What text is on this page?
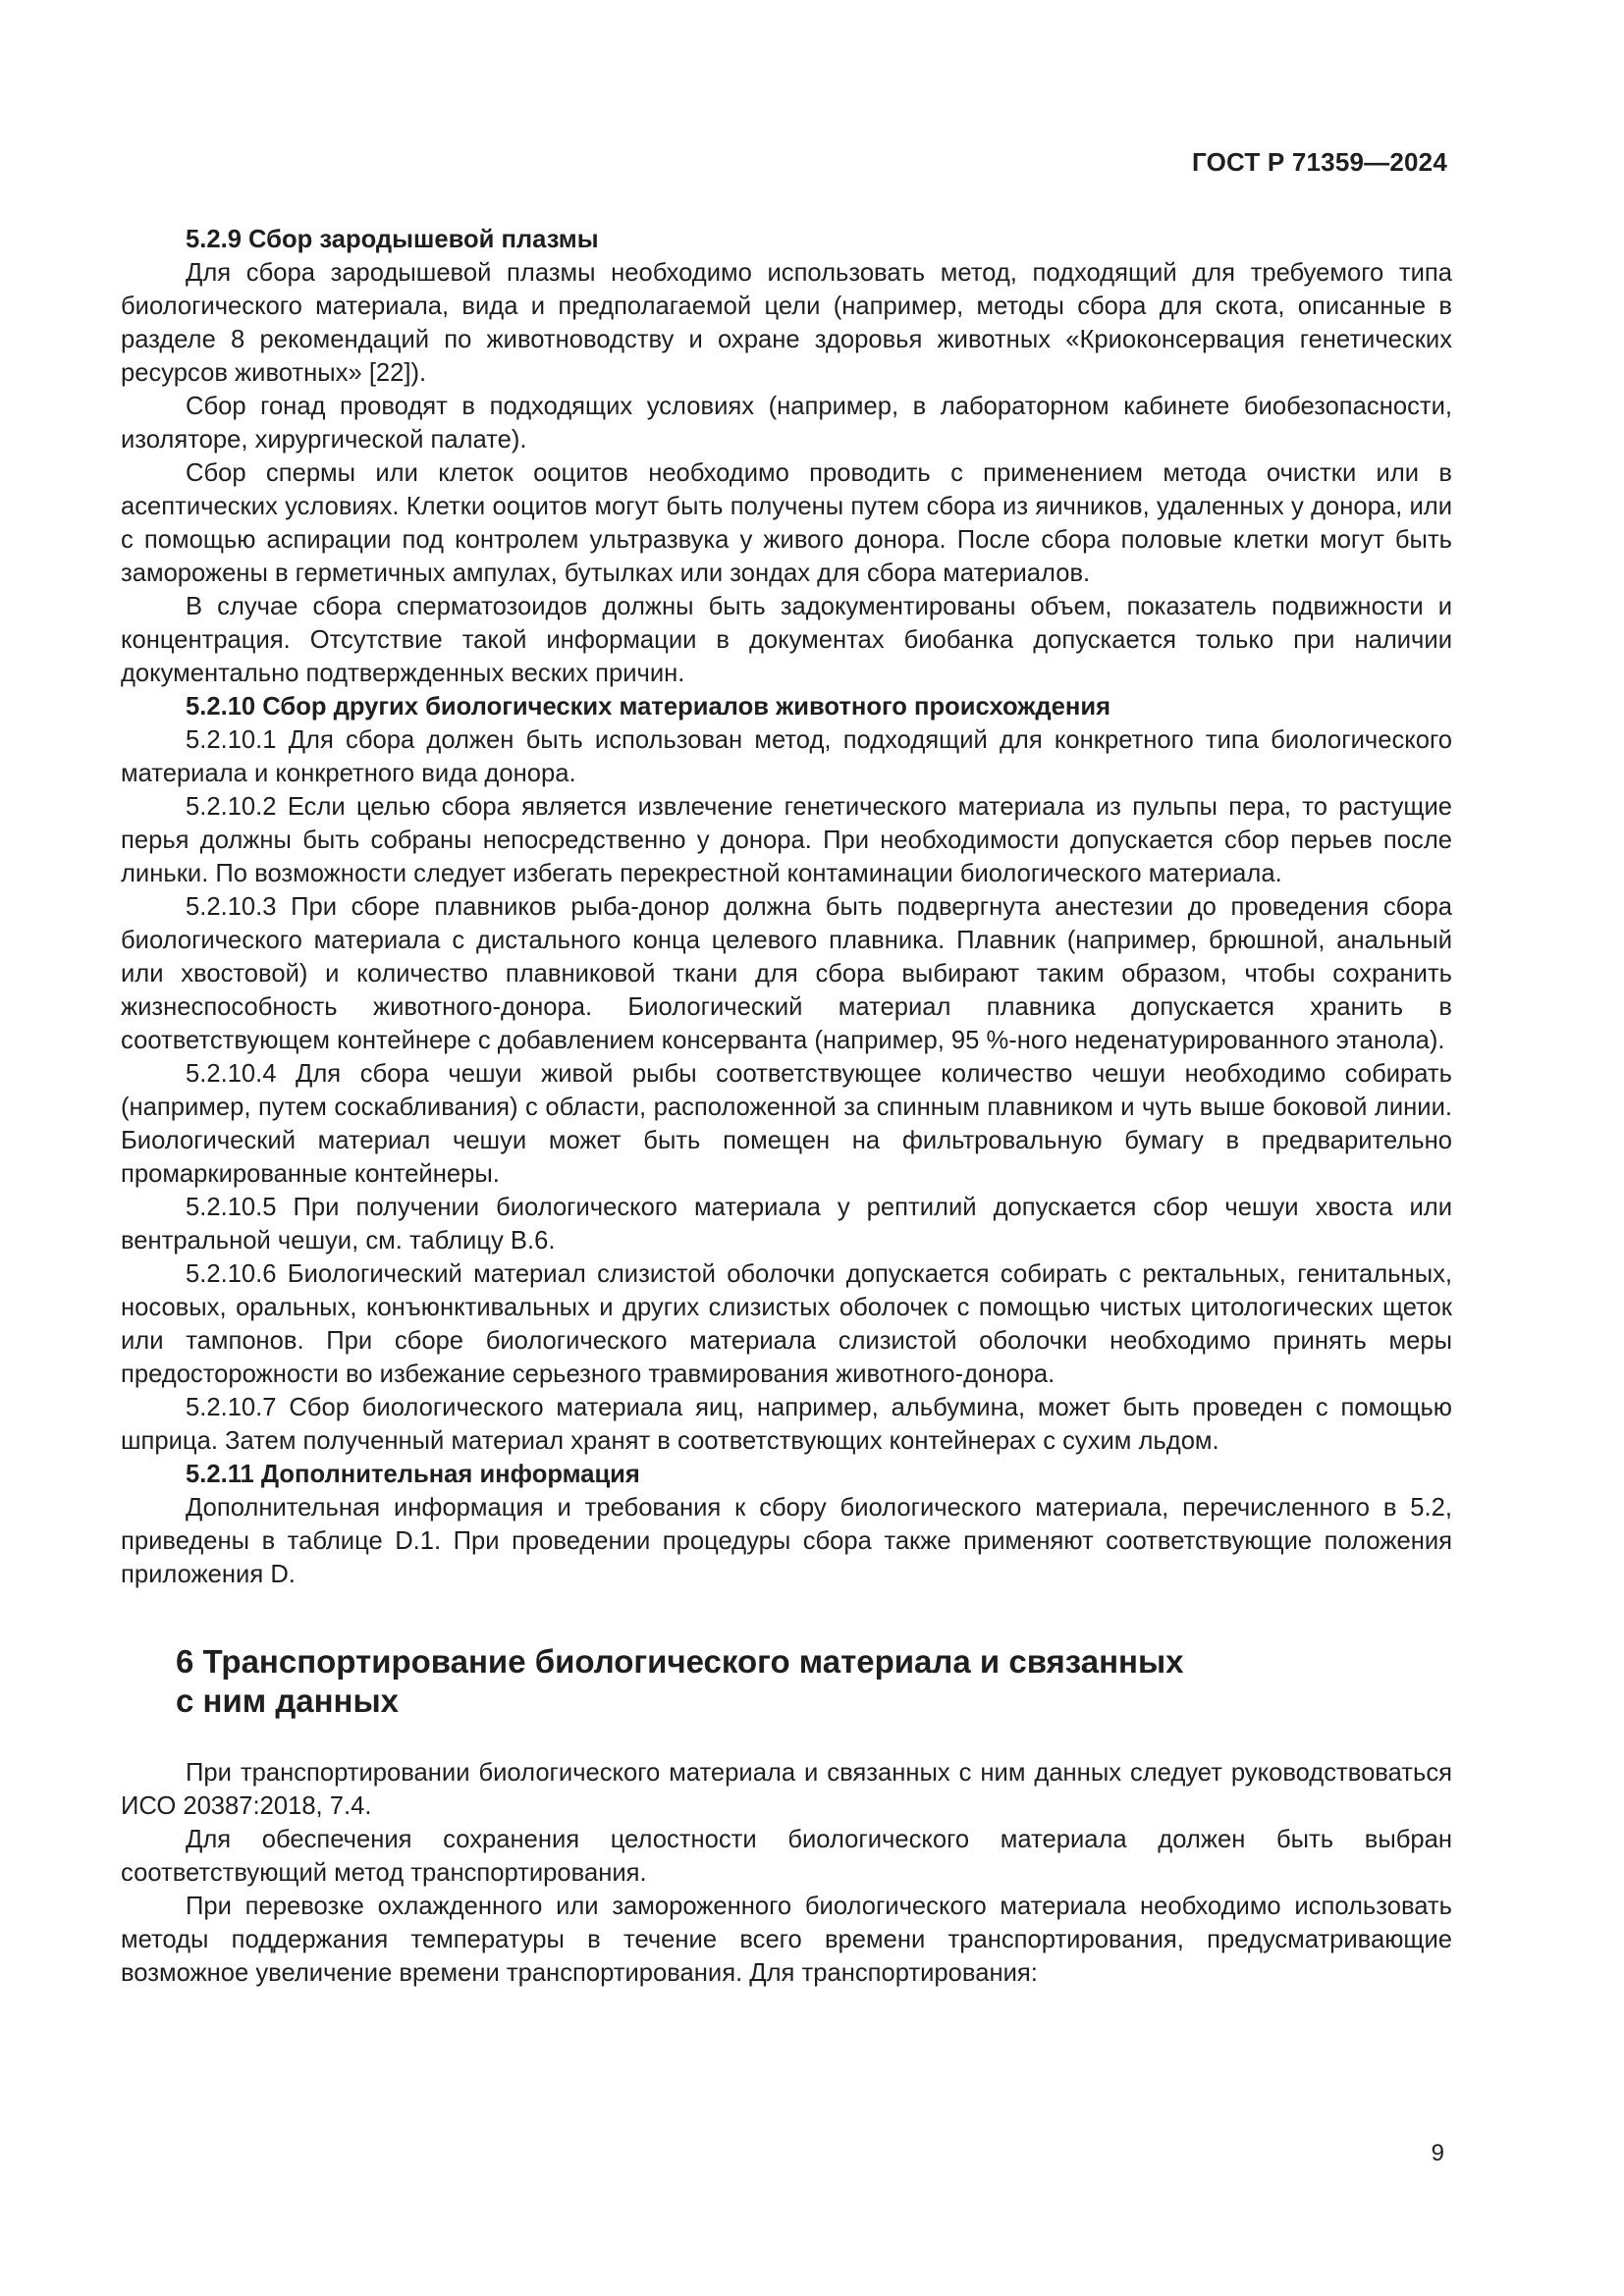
ГОСТ Р 71359—2024

5.2.9 Сбор зародышевой плазмы

Для сбора зародышевой плазмы необходимо использовать метод, подходящий для требуемого типа биологического материала, вида и предполагаемой цели (например, методы сбора для скота, описанные в разделе 8 рекомендаций по животноводству и охране здоровья животных «Криоконсервация генетических ресурсов животных» [22]).

Сбор гонад проводят в подходящих условиях (например, в лабораторном кабинете биобезопасности, изоляторе, хирургической палате).

Сбор спермы или клеток ооцитов необходимо проводить с применением метода очистки или в асептических условиях. Клетки ооцитов могут быть получены путем сбора из яичников, удаленных у донора, или с помощью аспирации под контролем ультразвука у живого донора. После сбора половые клетки могут быть заморожены в герметичных ампулах, бутылках или зондах для сбора материалов.

В случае сбора сперматозоидов должны быть задокументированы объем, показатель подвижности и концентрация. Отсутствие такой информации в документах биобанка допускается только при наличии документально подтвержденных веских причин.

5.2.10 Сбор других биологических материалов животного происхождения

5.2.10.1 Для сбора должен быть использован метод, подходящий для конкретного типа биологического материала и конкретного вида донора.

5.2.10.2 Если целью сбора является извлечение генетического материала из пульпы пера, то растущие перья должны быть собраны непосредственно у донора. При необходимости допускается сбор перьев после линьки. По возможности следует избегать перекрестной контаминации биологического материала.

5.2.10.3 При сборе плавников рыба-донор должна быть подвергнута анестезии до проведения сбора биологического материала с дистального конца целевого плавника. Плавник (например, брюшной, анальный или хвостовой) и количество плавниковой ткани для сбора выбирают таким образом, чтобы сохранить жизнеспособность животного-донора. Биологический материал плавника допускается хранить в соответствующем контейнере с добавлением консерванта (например, 95 %-ного неденатурированного этанола).

5.2.10.4 Для сбора чешуи живой рыбы соответствующее количество чешуи необходимо собирать (например, путем соскабливания) с области, расположенной за спинным плавником и чуть выше боковой линии. Биологический материал чешуи может быть помещен на фильтровальную бумагу в предварительно промаркированные контейнеры.

5.2.10.5 При получении биологического материала у рептилий допускается сбор чешуи хвоста или вентральной чешуи, см. таблицу В.6.

5.2.10.6 Биологический материал слизистой оболочки допускается собирать с ректальных, генитальных, носовых, оральных, конъюнктивальных и других слизистых оболочек с помощью чистых цитологических щеток или тампонов. При сборе биологического материала слизистой оболочки необходимо принять меры предосторожности во избежание серьезного травмирования животного-донора.

5.2.10.7 Сбор биологического материала яиц, например, альбумина, может быть проведен с помощью шприца. Затем полученный материал хранят в соответствующих контейнерах с сухим льдом.

5.2.11 Дополнительная информация

Дополнительная информация и требования к сбору биологического материала, перечисленного в 5.2, приведены в таблице D.1. При проведении процедуры сбора также применяют соответствующие положения приложения D.

6 Транспортирование биологического материала и связанных
с ним данных

При транспортировании биологического материала и связанных с ним данных следует руководствоваться ИСО 20387:2018, 7.4.

Для обеспечения сохранения целостности биологического материала должен быть выбран соответствующий метод транспортирования.

При перевозке охлажденного или замороженного биологического материала необходимо использовать методы поддержания температуры в течение всего времени транспортирования, предусматривающие возможное увеличение времени транспортирования. Для транспортирования:

9
